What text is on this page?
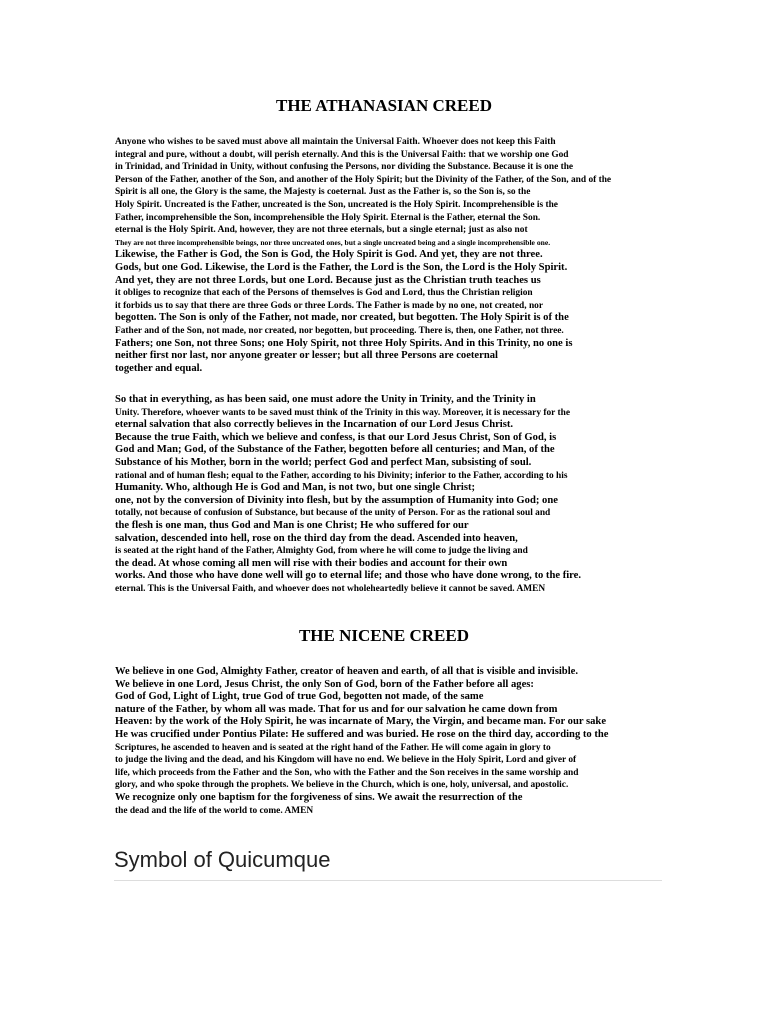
THE ATHANASIAN CREED
Anyone who wishes to be saved must above all maintain the Universal Faith. Whoever does not keep this Faith
integral and pure, without a doubt, will perish eternally. And this is the Universal Faith: that we worship one God
in Trinidad, and Trinidad in Unity, without confusing the Persons, nor dividing the Substance. Because it is one the
Person of the Father, another of the Son, and another of the Holy Spirit; but the Divinity of the Father, of the Son, and of the
Spirit is all one, the Glory is the same, the Majesty is coeternal. Just as the Father is, so the Son is, so the
Holy Spirit. Uncreated is the Father, uncreated is the Son, uncreated is the Holy Spirit. Incomprehensible is the
Father, incomprehensible the Son, incomprehensible the Holy Spirit. Eternal is the Father, eternal the Son.
eternal is the Holy Spirit. And, however, they are not three eternals, but a single eternal; just as also not
They are not three incomprehensible beings, nor three uncreated ones, but a single uncreated being and a single incomprehensible one.
Likewise, the Father is God, the Son is God, the Holy Spirit is God. And yet, they are not three.
Gods, but one God. Likewise, the Lord is the Father, the Lord is the Son, the Lord is the Holy Spirit.
And yet, they are not three Lords, but one Lord. Because just as the Christian truth teaches us
it obliges to recognize that each of the Persons of themselves is God and Lord, thus the Christian religion
it forbids us to say that there are three Gods or three Lords. The Father is made by no one, not created, nor
begotten. The Son is only of the Father, not made, nor created, but begotten. The Holy Spirit is of the
Father and of the Son, not made, nor created, nor begotten, but proceeding. There is, then, one Father, not three.
Fathers; one Son, not three Sons; one Holy Spirit, not three Holy Spirits. And in this Trinity, no one is
neither first nor last, nor anyone greater or lesser; but all three Persons are coeternal
together and equal.
So that in everything, as has been said, one must adore the Unity in Trinity, and the Trinity in
Unity. Therefore, whoever wants to be saved must think of the Trinity in this way. Moreover, it is necessary for the
eternal salvation that also correctly believes in the Incarnation of our Lord Jesus Christ.
Because the true Faith, which we believe and confess, is that our Lord Jesus Christ, Son of God, is
God and Man; God, of the Substance of the Father, begotten before all centuries; and Man, of the
Substance of his Mother, born in the world; perfect God and perfect Man, subsisting of soul.
rational and of human flesh; equal to the Father, according to his Divinity; inferior to the Father, according to his
Humanity. Who, although He is God and Man, is not two, but one single Christ;
one, not by the conversion of Divinity into flesh, but by the assumption of Humanity into God; one
totally, not because of confusion of Substance, but because of the unity of Person. For as the rational soul and
the flesh is one man, thus God and Man is one Christ; He who suffered for our
salvation, descended into hell, rose on the third day from the dead. Ascended into heaven,
is seated at the right hand of the Father, Almighty God, from where he will come to judge the living and
the dead. At whose coming all men will rise with their bodies and account for their own
works. And those who have done well will go to eternal life; and those who have done wrong, to the fire.
eternal. This is the Universal Faith, and whoever does not wholeheartedly believe it cannot be saved. AMEN
THE NICENE CREED
We believe in one God, Almighty Father, creator of heaven and earth, of all that is visible and invisible.
We believe in one Lord, Jesus Christ, the only Son of God, born of the Father before all ages:
God of God, Light of Light, true God of true God, begotten not made, of the same
nature of the Father, by whom all was made. That for us and for our salvation he came down from
Heaven: by the work of the Holy Spirit, he was incarnate of Mary, the Virgin, and became man. For our sake
He was crucified under Pontius Pilate: He suffered and was buried. He rose on the third day, according to the
Scriptures, he ascended to heaven and is seated at the right hand of the Father. He will come again in glory to
to judge the living and the dead, and his Kingdom will have no end. We believe in the Holy Spirit, Lord and giver of
life, which proceeds from the Father and the Son, who with the Father and the Son receives in the same worship and
glory, and who spoke through the prophets. We believe in the Church, which is one, holy, universal, and apostolic.
We recognize only one baptism for the forgiveness of sins. We await the resurrection of the
the dead and the life of the world to come. AMEN
Symbol of Quicumque
